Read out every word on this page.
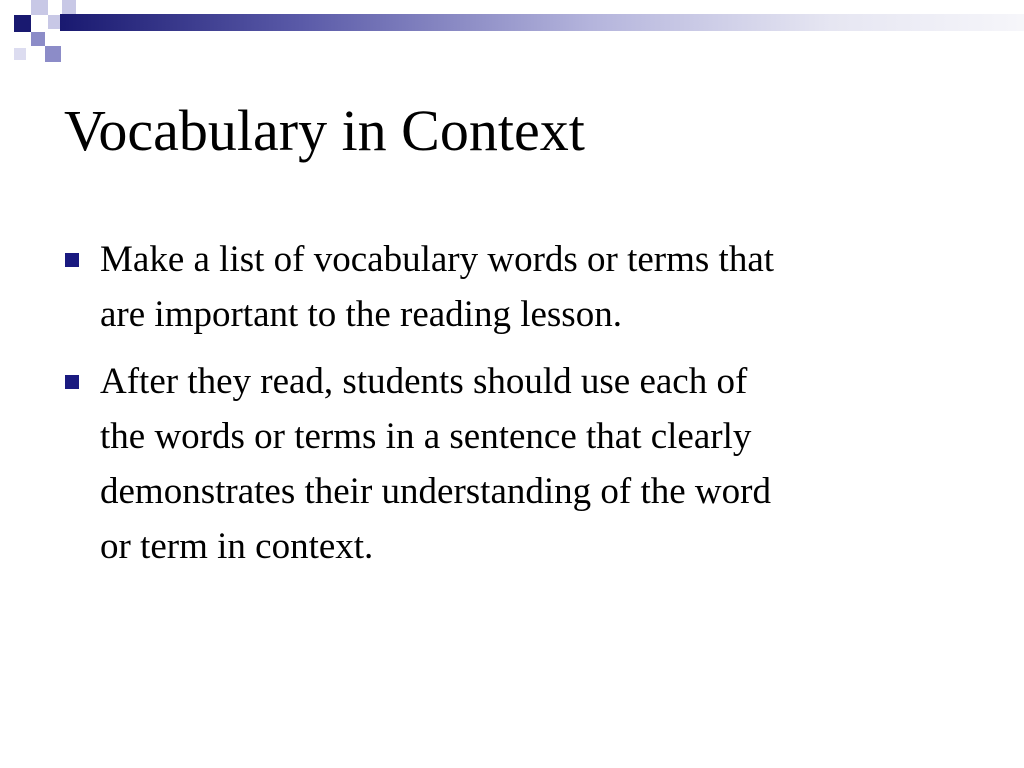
Vocabulary in Context
Make a list of vocabulary words or terms that
are important to the reading lesson.
After they read, students should use each of
the words or terms in a sentence that clearly
demonstrates their understanding of the word
or term in context.
